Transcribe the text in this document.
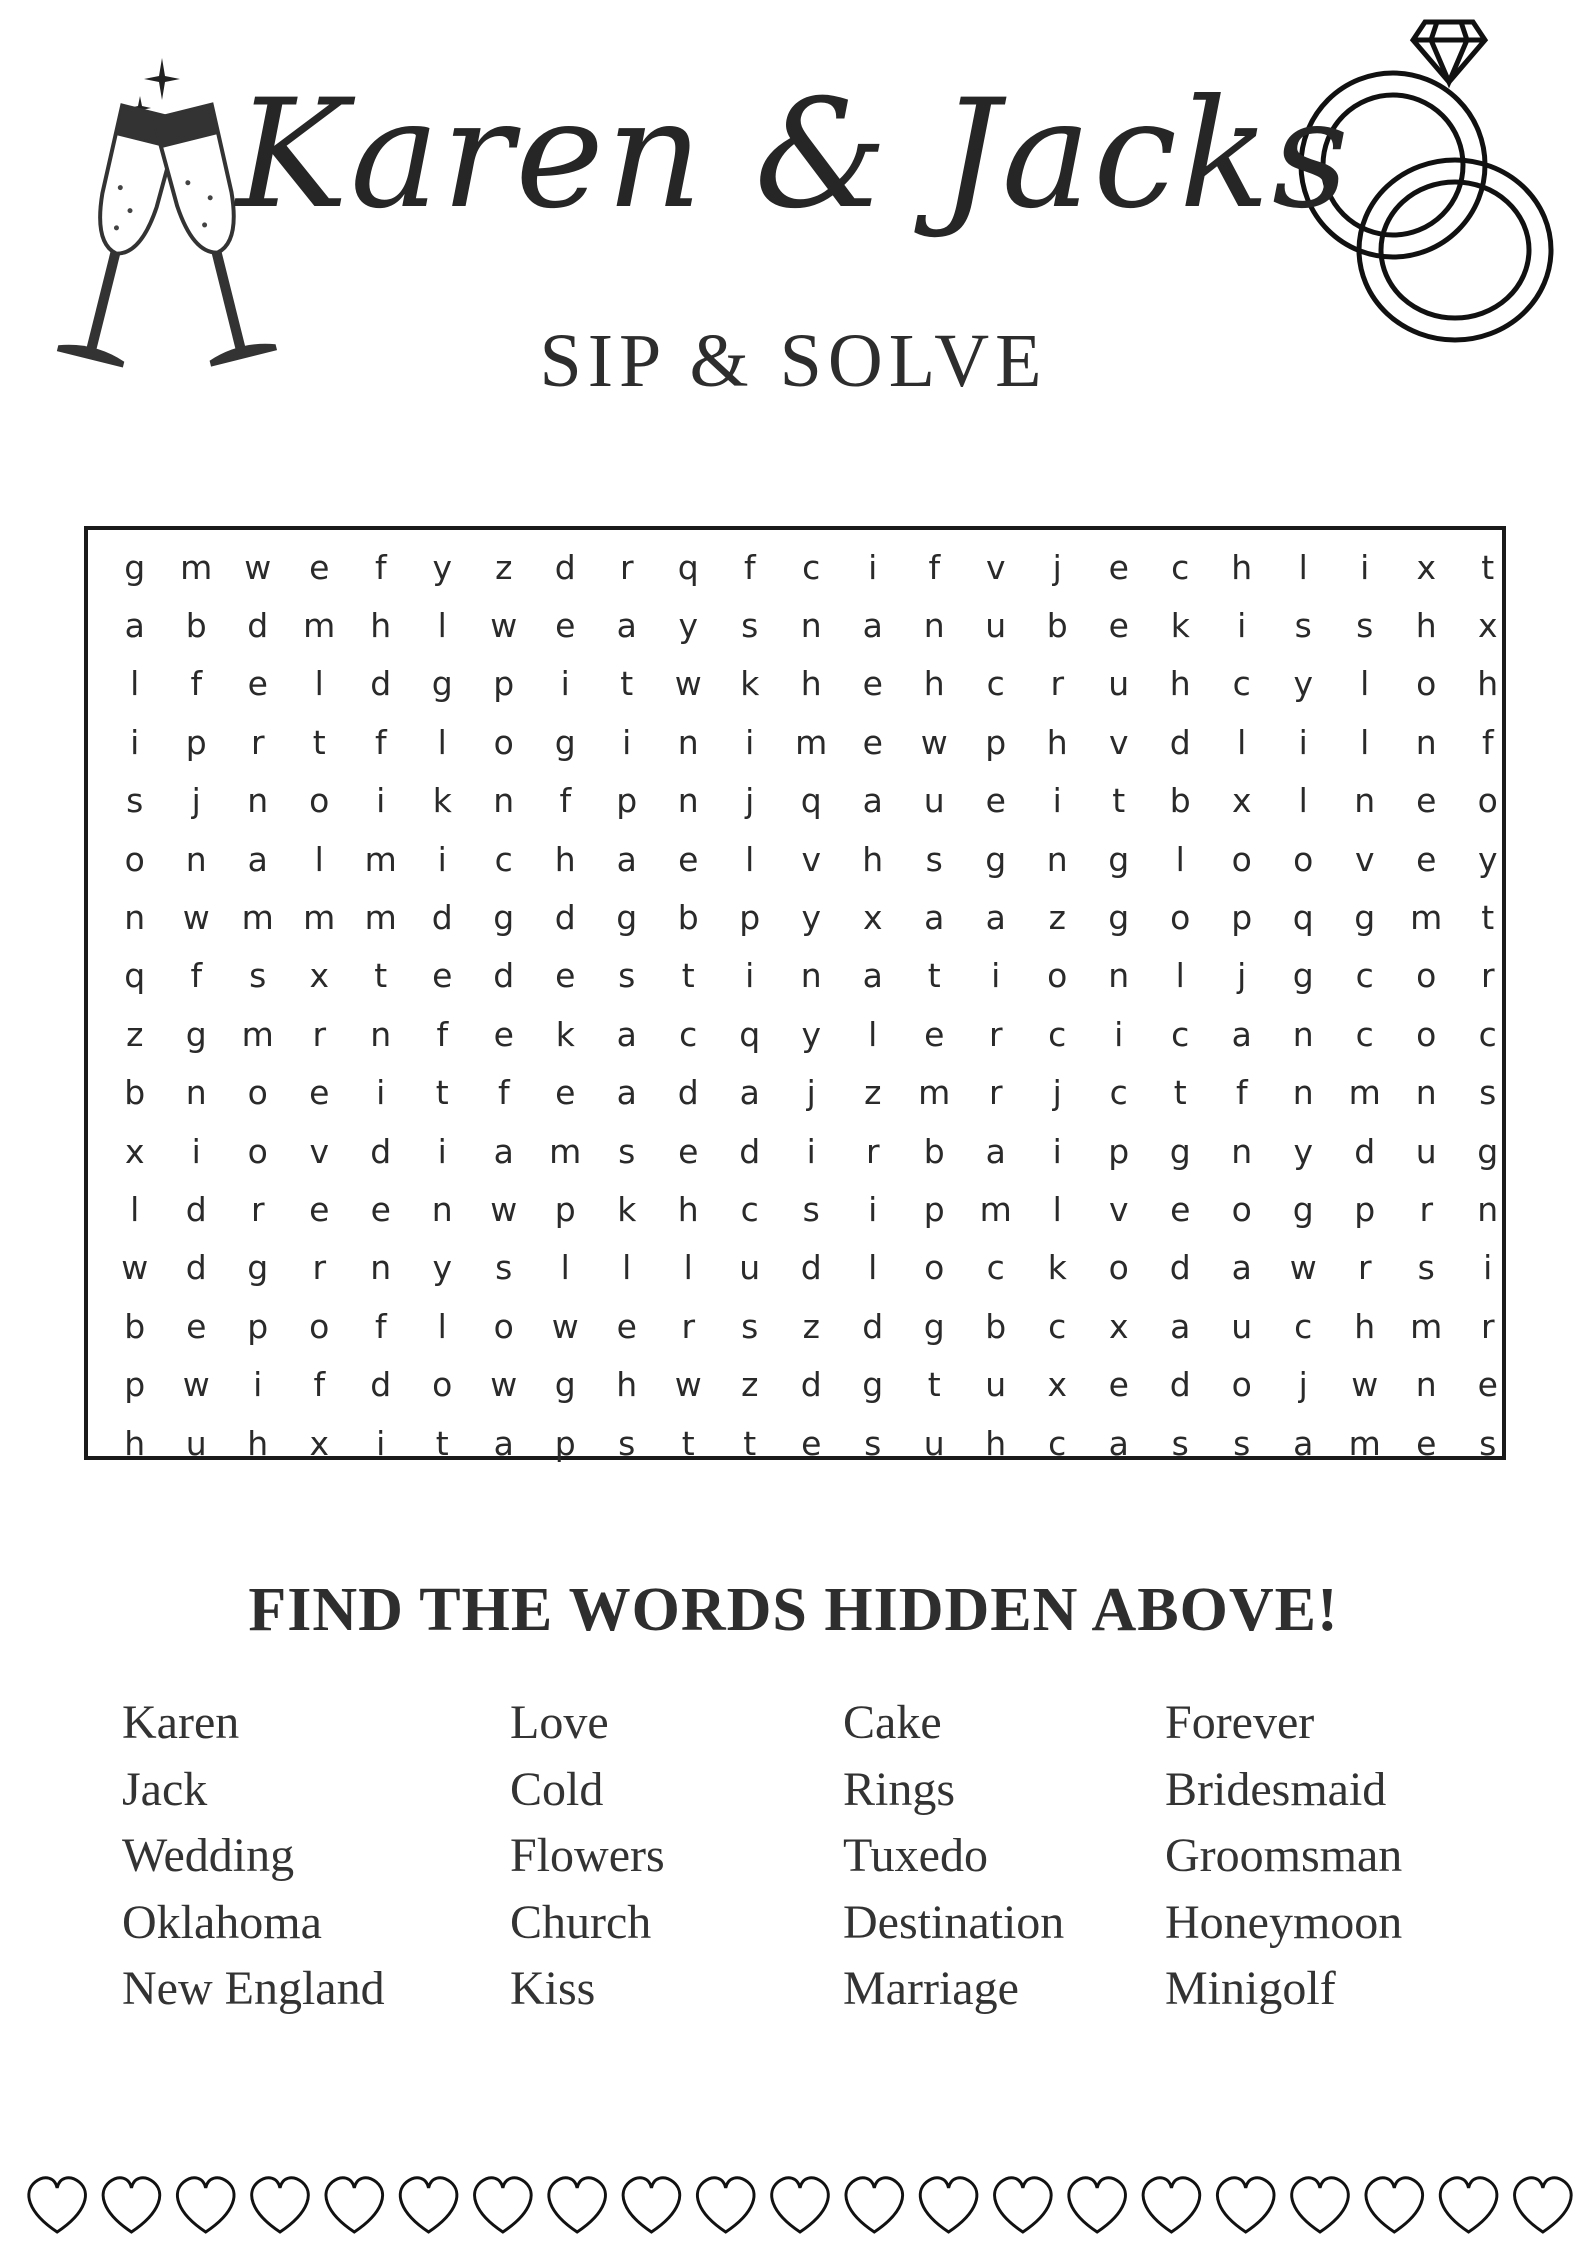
Karen & Jacks
SIP & SOLVE
g	m w	e	f	y	z	d	r	q	f	c	i	f	v	j	e	c	h	l	i	x	t
a	b	d	m	h	l	w	e	a	y	s	n	a	n	u	b	e	k	i	s	s	h	x
l	f	e	l	d	g	p	i	t	w	k	h	e	h	c	r	u	h	c	y	l	o	h
i	p	r	t	f	l	o	g	i	n	i	m	e	w	p	h	v	d	l	i	l	n	f
s	j	n	o	i	k	n	f	p	n	j	q	a	u	e	i	t	b	x	l	n	e	o
o	n	a	l	m	i	c	h	a	e	l	v	h	s	g	n	g	l	o	o	v	e	y
n	w m m m	d	g	d	g	b	p	y	x	a	a	z	g	o	p	q	g	m	t
q	f	s	x	t	e	d	e	s	t	i	n	a	t	i	o	n	l	j	g	c	o	r
z	g	m	r	n	f	e	k	a	c	q	y	l	e	r	c	i	c	a	n	c	o	c
b	n	o	e	i	t	f	e	a	d	a	j	z	m	r	j	c	t	f	n	m	n	s
x	i	o	v	d	i	a	m	s	e	d	i	r	b	a	i	p	g	n	y	d	u	g
l	d	r	e	e	n	w	p	k	h	c	s	i	p	m	l	v	e	o	g	p	r	n
w	d	g	r	n	y	s	l	l	l	u	d	l	o	c	k	o	d	a	w	r	s	i
b	e	p	o	f	l	o	w	e	r	s	z	d	g	b	c	x	a	u	c	h	m	r
p	w	i	f	d	o	w	g	h	w	z	d	g	t	u	x	e	d	o	j	w	n	e
h	u	h	x	i	t	a	p	s	t	t	e	s	u	h	c	a	s	s	a	m	e	s
FIND THE WORDS HIDDEN ABOVE!
Karen
Jack
Wedding
Oklahoma
New England
Love
Cold
Flowers
Church
Kiss
Cake
Rings
Tuxedo
Destination
Marriage
Forever
Bridesmaid
Groomsman
Honeymoon
Minigolf
